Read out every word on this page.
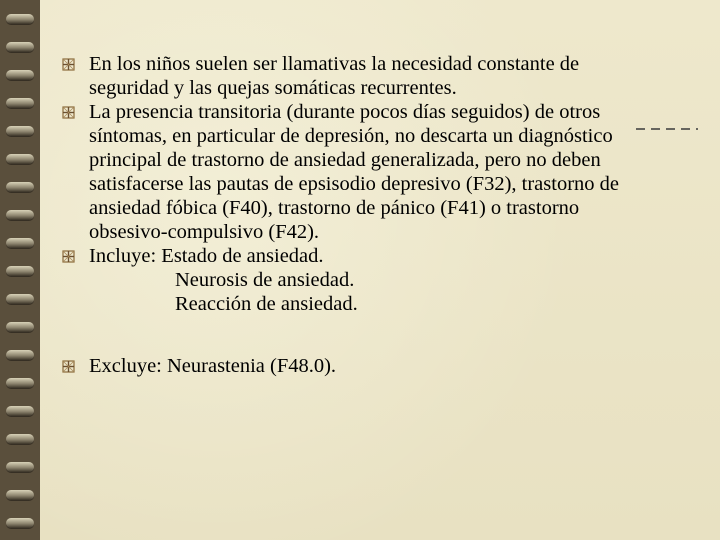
En los niños suelen ser llamativas la necesidad constante de seguridad y las quejas somáticas recurrentes.
La presencia transitoria (durante pocos días seguidos) de otros síntomas, en particular de depresión, no descarta un diagnóstico principal de trastorno de ansiedad generalizada, pero no deben satisfacerse las pautas de epsisodio depresivo (F32), trastorno de ansiedad fóbica (F40), trastorno de pánico (F41) o trastorno obsesivo-compulsivo (F42).
Incluye: Estado de ansiedad.
Neurosis de ansiedad.
Reacción de ansiedad.
Excluye: Neurastenia (F48.0).
